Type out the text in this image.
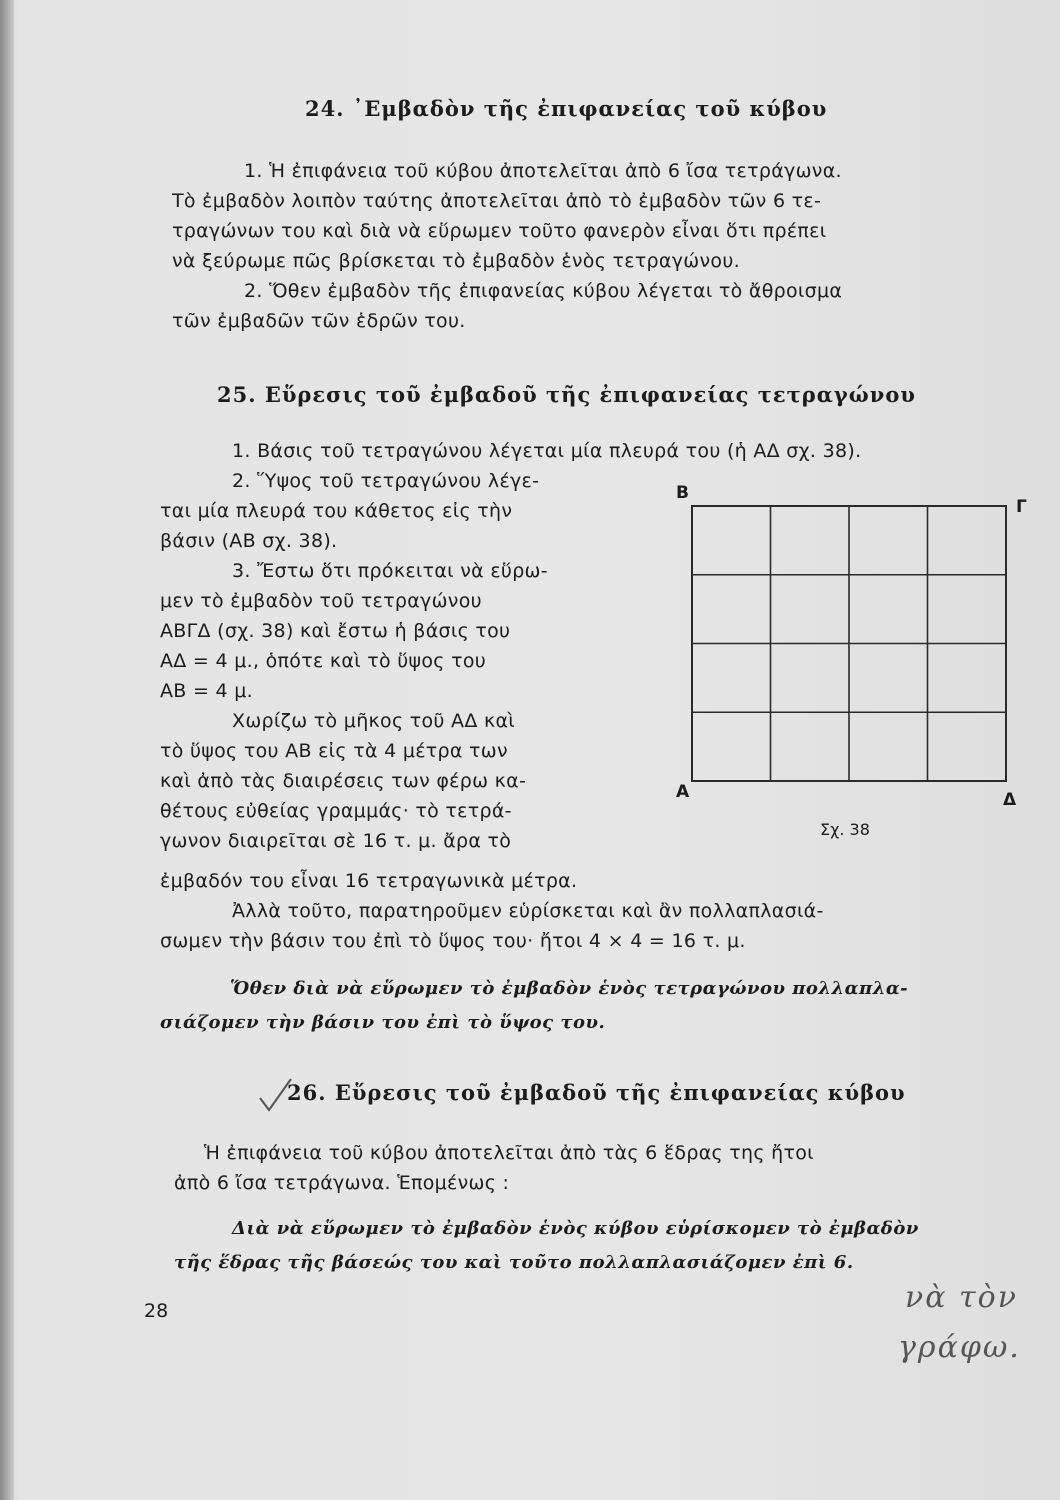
24. ᾿Εμβαδὸν τῆς ἐπιφανείας τοῦ κύβου
1. Ἡ ἐπιφάνεια τοῦ κύβου ἀποτελεῖται ἀπὸ 6 ἴσα τετράγωνα.
Τὸ ἐμβαδὸν λοιπὸν ταύτης ἀποτελεῖται ἀπὸ τὸ ἐμβαδὸν τῶν 6 τε-
τραγώνων του καὶ διὰ νὰ εὕρωμεν τοῦτο φανερὸν εἶναι ὅτι πρέπει
νὰ ξεύρωμε πῶς βρίσκεται τὸ ἐμβαδὸν ἑνὸς τετραγώνου.
2. Ὅθεν ἐμβαδὸν τῆς ἐπιφανείας κύβου λέγεται τὸ ἄθροισμα
τῶν ἐμβαδῶν τῶν ἑδρῶν του.
25. Εὕρεσις τοῦ ἐμβαδοῦ τῆς ἐπιφανείας τετραγώνου
1. Βάσις τοῦ τετραγώνου λέγεται μία πλευρά του (ἡ ΑΔ σχ. 38).
2. Ὕψος τοῦ τετραγώνου λέγε-
ται μία πλευρά του κάθετος εἰς τὴν
βάσιν (ΑΒ σχ. 38).
3. Ἔστω ὅτι πρόκειται νὰ εὕρω-
μεν τὸ ἐμβαδὸν τοῦ τετραγώνου
ΑΒΓΔ (σχ. 38) καὶ ἔστω ἡ βάσις του
ΑΔ = 4 μ., ὁπότε καὶ τὸ ὕψος του
ΑΒ = 4 μ.
Χωρίζω τὸ μῆκος τοῦ ΑΔ καὶ
τὸ ὕψος του ΑΒ εἰς τὰ 4 μέτρα των
καὶ ἀπὸ τὰς διαιρέσεις των φέρω κα-
θέτους εὐθείας γραμμάς· τὸ τετρά-
γωνον διαιρεῖται σὲ 16 τ. μ. ἄρα τὸ
Β
Γ
Α	Δ
Σχ. 38
ἐμβαδόν του εἶναι 16 τετραγωνικὰ μέτρα.
Ἀλλὰ τοῦτο, παρατηροῦμεν εὑρίσκεται καὶ ἂν πολλαπλασιά-
σωμεν τὴν βάσιν του ἐπὶ τὸ ὕψος του· ἤτοι 4 × 4 = 16 τ. μ.
Ὅθεν διὰ νὰ εὕρωμεν τὸ ἐμβαδὸν ἑνὸς τετραγώνου πολλαπλα-
σιάζομεν τὴν βάσιν του ἐπὶ τὸ ὕψος του.
26. Εὕρεσις τοῦ ἐμβαδοῦ τῆς ἐπιφανείας κύβου
Ἡ ἐπιφάνεια τοῦ κύβου ἀποτελεῖται ἀπὸ τὰς 6 ἕδρας της ἤτοι
ἀπὸ 6 ἴσα τετράγωνα. Ἑπομένως :
Διὰ νὰ εὕρωμεν τὸ ἐμβαδὸν ἑνὸς κύβου εὑρίσκομεν τὸ ἐμβαδὸν
τῆς ἕδρας τῆς βάσεώς του καὶ τοῦτο πολλαπλασιάζομεν ἐπὶ 6.
28	νὰ τὸν
γράφω.
